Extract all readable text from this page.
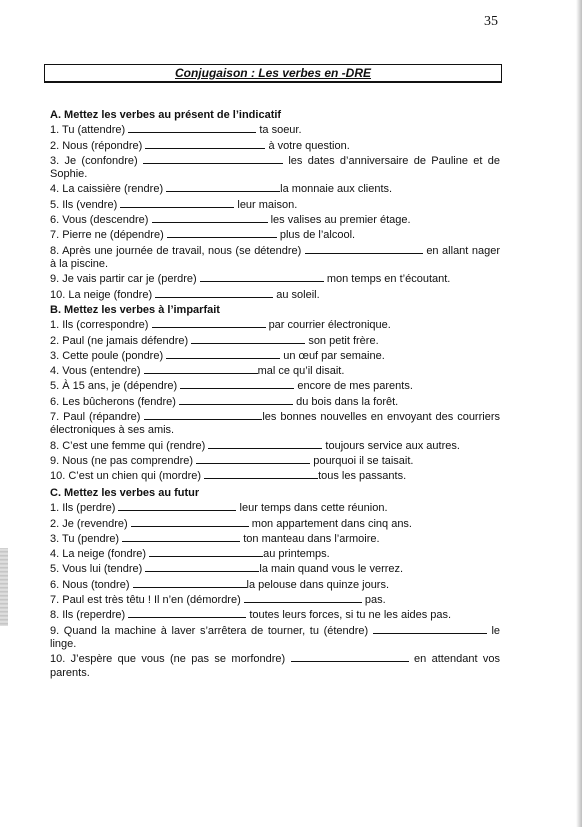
35
Conjugaison : Les verbes en -DRE
A. Mettez les verbes au présent de l’indicatif

1. Tu (attendre)	ta soeur.

2. Nous (répondre)	à votre question.

3. Je (confondre)	les dates d’anniversaire de Pauline et de Sophie.

4. La caissière (rendre)	la monnaie aux clients.

5. Ils (vendre)	leur maison.

6. Vous (descendre)	les valises au premier étage.

7. Pierre ne (dépendre)	plus de l’alcool.

8. Après une journée de travail, nous (se détendre)	en allant nager à la piscine.

9. Je vais partir car je (perdre)	mon temps en t’écoutant.

10. La neige (fondre)	au soleil.

B. Mettez les verbes à l’imparfait

1. Ils (correspondre)	par courrier électronique.

2. Paul (ne jamais défendre)	son petit frère.

3. Cette poule (pondre)	un œuf par semaine.

4. Vous (entendre)	mal ce qu’il disait.

5. À 15 ans, je (dépendre)	encore de mes parents.

6. Les bûcherons (fendre)	du bois dans la forêt.

7. Paul (répandre)	les bonnes nouvelles en envoyant des courriers électroniques à ses amis.

8. C’est une femme qui (rendre)	toujours service aux autres.

9. Nous (ne pas comprendre)	pourquoi il se taisait.

10. C’est un chien qui (mordre)	tous les passants.

C. Mettez les verbes au futur

1. Ils (perdre)	leur temps dans cette réunion.

2. Je (revendre)	mon appartement dans cinq ans.

3. Tu (pendre)	ton manteau dans l’armoire.

4. La neige (fondre)	au printemps.

5. Vous lui (tendre)	la main quand vous le verrez.

6. Nous (tondre)	la pelouse dans quinze jours.

7. Paul est très têtu ! Il n’en (démordre)	pas.

8. Ils (reperdre)	toutes leurs forces, si tu ne les aides pas.

9. Quand la machine à laver s’arrêtera de tourner, tu (étendre)	le linge.

10. J’espère que vous (ne pas se morfondre)	en attendant vos parents.
